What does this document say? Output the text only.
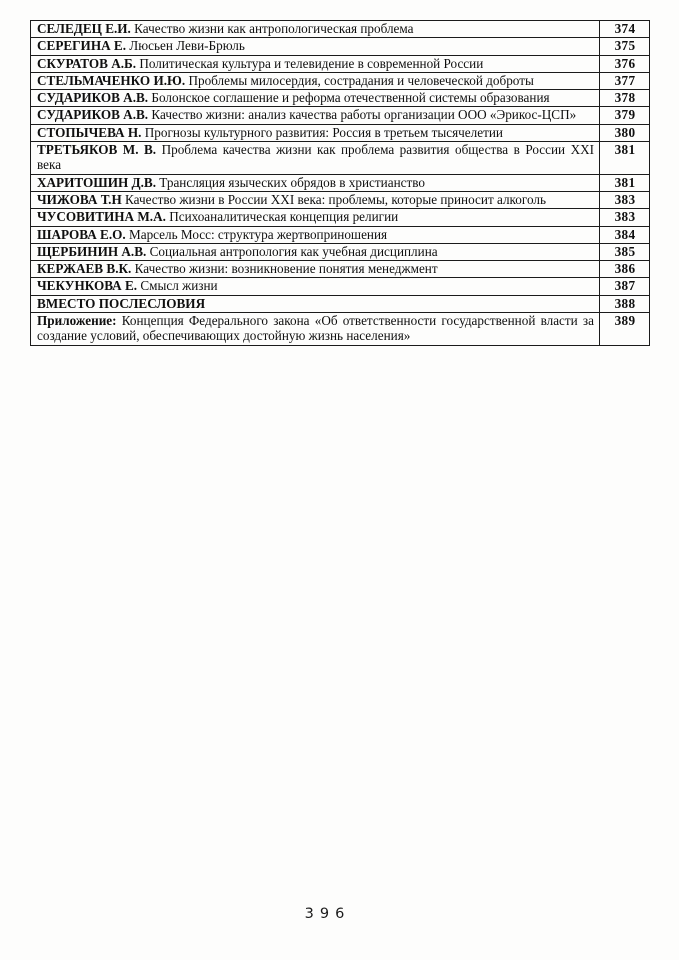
СЕЛЕДЕЦ Е.И. Качество жизни как антропологическая проблема	374
СЕРЕГИНА Е. Люсьен Леви-Брюль	375
СКУРАТОВ А.Б. Политическая культура и телевидение в современной России	376
СТЕЛЬМАЧЕНКО И.Ю. Проблемы милосердия, сострадания и человеческой доброты	377
СУДАРИКОВ А.В. Болонское соглашение и реформа отечественной системы образования	378
СУДАРИКОВ А.В. Качество жизни: анализ качества работы организации ООО «Эрикос-ЦСП»	379
СТОПЫЧЕВА Н. Прогнозы культурного развития: Россия в третьем тысячелетии	380
ТРЕТЬЯКОВ М. В. Проблема качества жизни как проблема развития общества в России XXI века	381
ХАРИТОШИН Д.В. Трансляция языческих обрядов в христианство	381
ЧИЖОВА Т.Н Качество жизни в России XXI века: проблемы, которые приносит алкоголь	383
ЧУСОВИТИНА М.А. Психоаналитическая концепция религии	383
ШАРОВА Е.О. Марсель Мосс: структура жертвоприношения	384
ЩЕРБИНИН А.В. Социальная антропология как учебная дисциплина	385
КЕРЖАЕВ В.К. Качество жизни: возникновение понятия менеджмент	386
ЧЕКУНКОВА Е. Смысл жизни	387
ВМЕСТО ПОСЛЕСЛОВИЯ	388
Приложение: Концепция Федерального закона «Об ответственности государственной власти за создание условий, обеспечивающих достойную жизнь населения»	389
396
